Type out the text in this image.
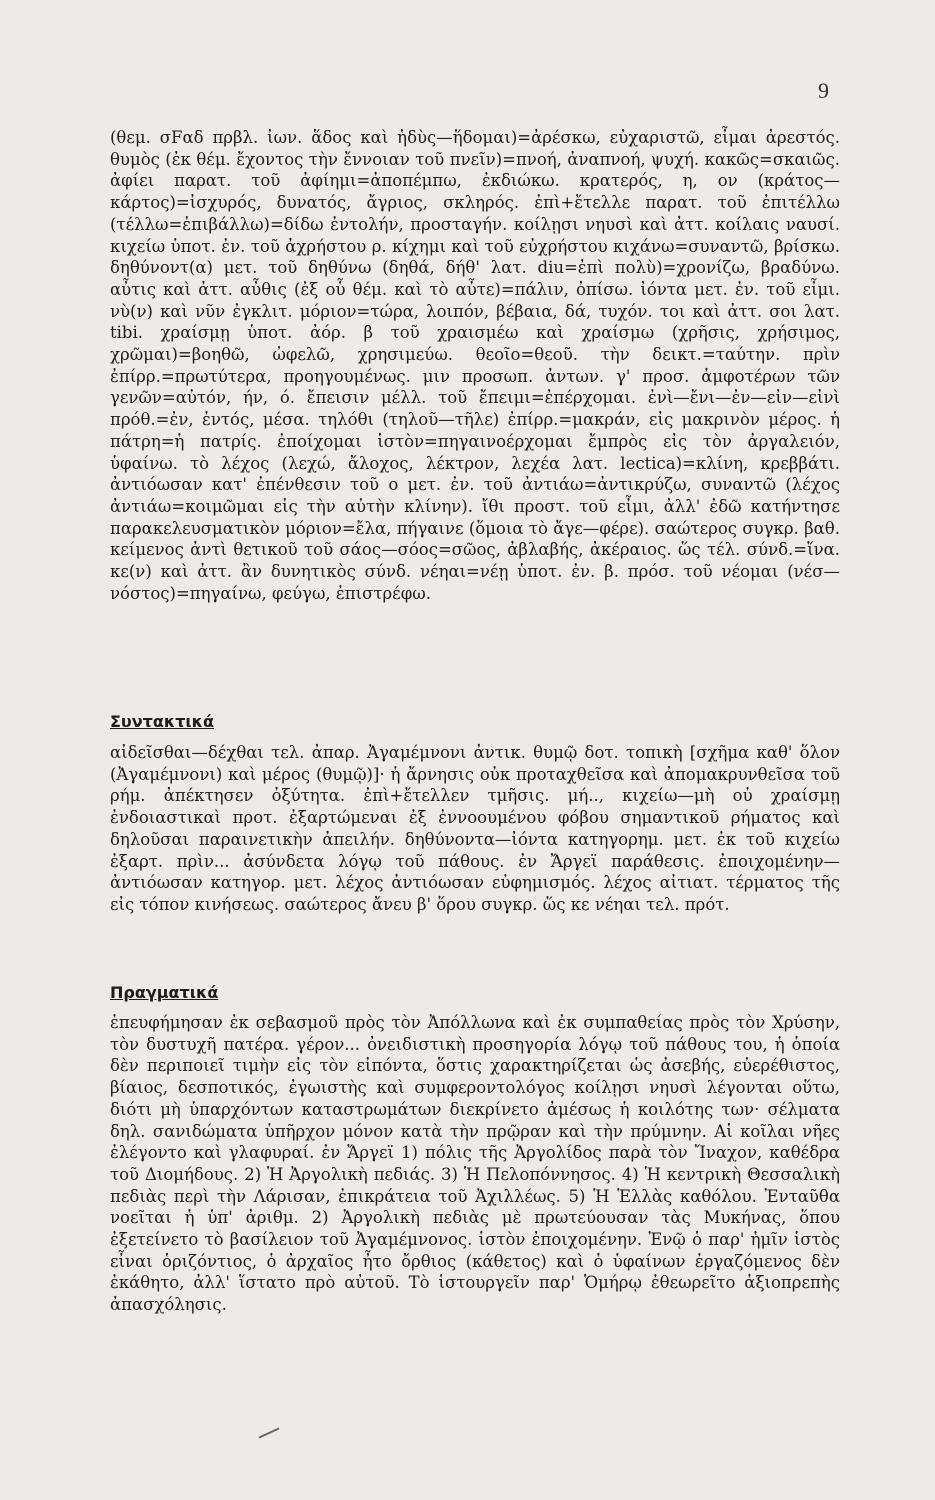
9
(θεμ. σFαδ πρβλ. ἰων. ἅδος καὶ ἡδὺς—ἥδομαι)=ἀρέσκω, εὐχαριστῶ, εἶμαι ἀρεστός. θυμὸς (ἐκ θέμ. ἔχοντος τὴν ἔννοιαν τοῦ πνεῖν)=πνοή, ἀναπνοή, ψυχή. κακῶς=σκαιῶς. ἀφίει παρατ. τοῦ ἀφίημι=ἀποπέμπω, ἐκδιώκω. κρατερός, η, ον (κράτος—κάρτος)=ἰσχυρός, δυνατός, ἄγριος, σκληρός. ἐπὶ+ἔτελλε παρατ. τοῦ ἐπιτέλλω (τέλλω=ἐπιβάλλω)=δίδω ἐντολήν, προσταγήν. κοίλῃσι νηυσὶ καὶ ἀττ. κοίλαις ναυσί. κιχείω ὑποτ. ἐν. τοῦ ἀχρήστου ρ. κίχημι καὶ τοῦ εὐχρήστου κιχάνω=συναντῶ, βρίσκω. δηθύνοντ(α) μετ. τοῦ δηθύνω (δηθά, δήθ' λατ. diu=ἐπὶ πολὺ)=χρονίζω, βραδύνω. αὖτις καὶ ἀττ. αὖθις (ἐξ οὗ θέμ. καὶ τὸ αὖτε)=πάλιν, ὀπίσω. ἰόντα μετ. ἐν. τοῦ εἶμι. νὺ(ν) καὶ νῦν ἐγκλιτ. μόριον=τώρα, λοιπόν, βέβαια, δά, τυχόν. τοι καὶ ἀττ. σοι λατ. tibi. χραίσμῃ ὑποτ. ἀόρ. β τοῦ χραισμέω καὶ χραίσμω (χρῆσις, χρήσιμος, χρῶμαι)=βοηθῶ, ὠφελῶ, χρησιμεύω. θεοῖο=θεοῦ. τὴν δεικτ.=ταύτην. πρὶν ἐπίρρ.=πρωτύτερα, προηγουμένως. μιν προσωπ. ἀντων. γ' προσ. ἀμφοτέρων τῶν γενῶν=αὐτόν, ήν, ό. ἔπεισιν μέλλ. τοῦ ἔπειμι=ἐπέρχομαι. ἐνὶ—ἔνι—ἐν—εἰν—εἰνὶ πρόθ.=ἐν, ἐντός, μέσα. τηλόθι (τηλοῦ—τῆλε) ἐπίρρ.=μακράν, εἰς μακρινὸν μέρος. ἡ πάτρη=ἡ πατρίς. ἐποίχομαι ἱστὸν=πηγαινοέρχομαι ἔμπρὸς εἰς τὸν ἀργαλειόν, ὑφαίνω. τὸ λέχος (λεχώ, ἄλοχος, λέκτρον, λεχέα λατ. lectica)=κλίνη, κρεββάτι. ἀντιόωσαν κατ' ἐπένθεσιν τοῦ ο μετ. ἐν. τοῦ ἀντιάω=ἀντικρύζω, συναντῶ (λέχος ἀντιάω=κοιμῶμαι εἰς τὴν αὐτὴν κλίνην). ἴθι προστ. τοῦ εἶμι, ἀλλ' ἐδῶ κατήντησε παρακελευσματικὸν μόριον=ἔλα, πήγαινε (ὅμοια τὸ ἄγε—φέρε). σαώτερος συγκρ. βαθ. κείμενος ἀντὶ θετικοῦ τοῦ σάος—σόος=σῶος, ἀβλαβής, ἀκέραιος. ὥς τέλ. σύνδ.=ἵνα. κε(ν) καὶ ἀττ. ἂν δυνητικὸς σύνδ. νέηαι=νέῃ ὑποτ. ἐν. β. πρόσ. τοῦ νέομαι (νέσ—νόστος)=πηγαίνω, φεύγω, ἐπιστρέφω.
Συντακτικά
αἰδεῖσθαι—δέχθαι τελ. ἀπαρ. Ἀγαμέμνονι ἀντικ. θυμῷ δοτ. τοπικὴ [σχῆμα καθ' ὅλον (Ἀγαμέμνονι) καὶ μέρος (θυμῷ)]· ἡ ἄρνησις οὐκ προταχθεῖσα καὶ ἀπομακρυνθεῖσα τοῦ ρήμ. ἀπέκτησεν ὀξύτητα. ἐπὶ+ἔτελλεν τμῆσις. μή.., κιχείω—μὴ οὐ χραίσμῃ ἐνδοιαστικαὶ προτ. ἐξαρτώμεναι ἐξ ἐννοουμένου φόβου σημαντικοῦ ρήματος καὶ δηλοῦσαι παραινετικὴν ἀπειλήν. δηθύνοντα—ἰόντα κατηγορημ. μετ. ἐκ τοῦ κιχείω ἐξαρτ. πρὶν... ἀσύνδετα λόγῳ τοῦ πάθους. ἐν Ἄργεϊ παράθεσις. ἐποιχομένην—ἀντιόωσαν κατηγορ. μετ. λέχος ἀντιόωσαν εὐφημισμός. λέχος αἰτιατ. τέρματος τῆς εἰς τόπον κινήσεως. σαώτερος ἄνευ β' ὅρου συγκρ. ὥς κε νέηαι τελ. πρότ.
Πραγματικά
ἐπευφήμησαν ἐκ σεβασμοῦ πρὸς τὸν Ἀπόλλωνα καὶ ἐκ συμπαθείας πρὸς τὸν Χρύσην, τὸν δυστυχῆ πατέρα. γέρον... ὀνειδιστικὴ προσηγορία λόγῳ τοῦ πάθους του, ἡ ὁποία δὲν περιποιεῖ τιμὴν εἰς τὸν εἰπόντα, ὅστις χαρακτηρίζεται ὡς ἀσεβής, εὐερέθιστος, βίαιος, δεσποτικός, ἐγωιστὴς καὶ συμφεροντολόγος κοίλῃσι νηυσὶ λέγονται οὕτω, διότι μὴ ὑπαρχόντων καταστρωμάτων διεκρίνετο ἀμέσως ἡ κοιλότης των· σέλματα δηλ. σανιδώματα ὑπῆρχον μόνον κατὰ τὴν πρῷραν καὶ τὴν πρύμνην. Αἱ κοῖλαι νῆες ἐλέγοντο καὶ γλαφυραί. ἐν Ἄργεϊ 1) πόλις τῆς Ἀργολίδος παρὰ τὸν Ἴναχον, καθέδρα τοῦ Διομήδους. 2) Ἡ Ἀργολικὴ πεδιάς. 3) Ἡ Πελοπόννησος. 4) Ἡ κεντρικὴ Θεσσαλικὴ πεδιὰς περὶ τὴν Λάρισαν, ἐπικράτεια τοῦ Ἀχιλλέως. 5) Ἡ Ἑλλὰς καθόλου. Ἐνταῦθα νοεῖται ἡ ὑπ' ἀριθμ. 2) Ἀργολικὴ πεδιὰς μὲ πρωτεύουσαν τὰς Μυκήνας, ὅπου ἐξετείνετο τὸ βασίλειον τοῦ Ἀγαμέμνονος. ἱστὸν ἐποιχομένην. Ἐνῷ ὁ παρ' ἡμῖν ἱστὸς εἶναι ὁριζόντιος, ὁ ἀρχαῖος ἦτο ὄρθιος (κάθετος) καὶ ὁ ὑφαίνων ἐργαζόμενος δὲν ἐκάθητο, ἀλλ' ἵστατο πρὸ αὐτοῦ. Τὸ ἱστουργεῖν παρ' Ὁμήρῳ ἐθεωρεῖτο ἀξιοπρεπὴς ἀπασχόλησις.
